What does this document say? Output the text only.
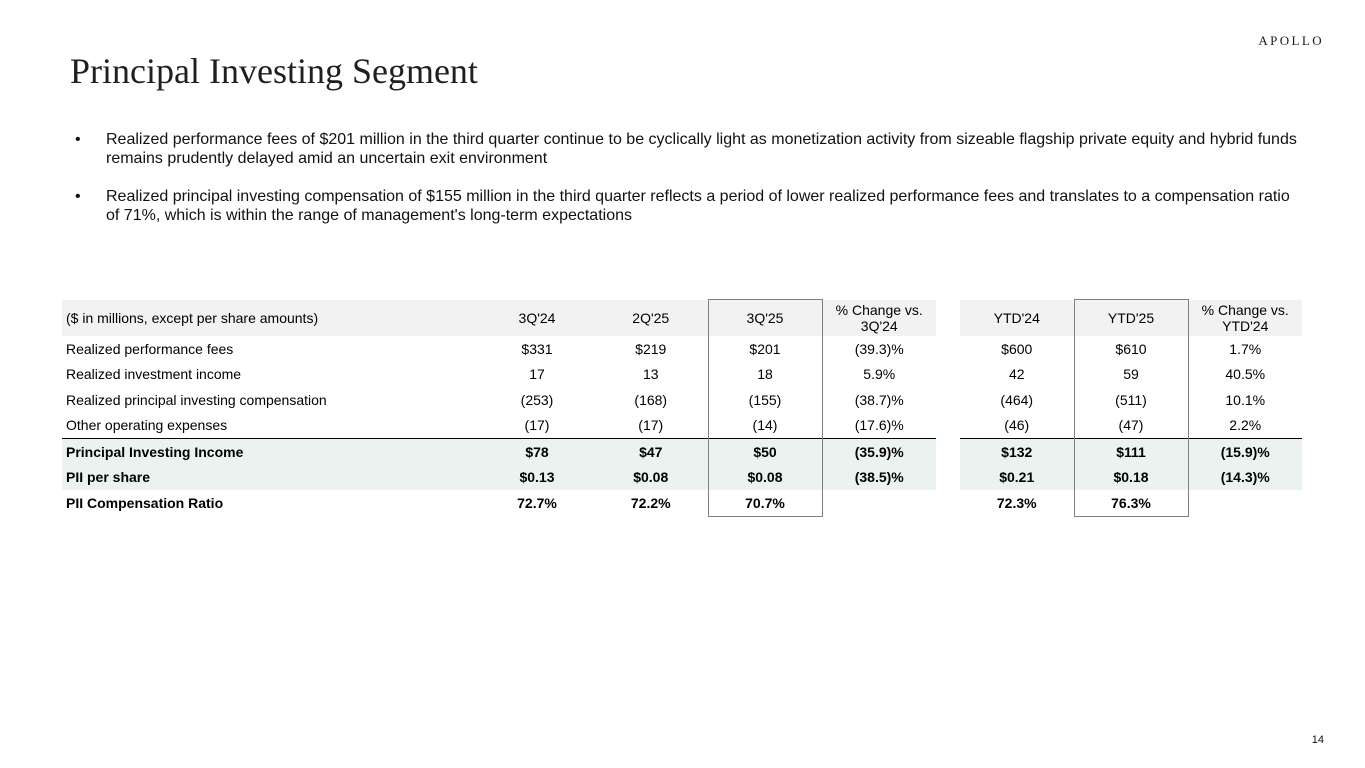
APOLLO
Principal Investing Segment
• Realized performance fees of $201 million in the third quarter continue to be cyclically light as monetization activity from sizeable flagship private equity and hybrid funds remains prudently delayed amid an uncertain exit environment
• Realized principal investing compensation of $155 million in the third quarter reflects a period of lower realized performance fees and translates to a compensation ratio of 71%, which is within the range of management's long-term expectations
($ in millions, except per share amounts)	3Q'24	2Q'25	3Q'25	% Change vs. 3Q'24		YTD'24	YTD'25	% Change vs. YTD'24
Realized performance fees	$331	$219	$201	(39.3)%		$600	$610	1.7%
Realized investment income	17	13	18	5.9%		42	59	40.5%
Realized principal investing compensation	(253)	(168)	(155)	(38.7)%		(464)	(511)	10.1%
Other operating expenses	(17)	(17)	(14)	(17.6)%		(46)	(47)	2.2%
Principal Investing Income	$78	$47	$50	(35.9)%		$132	$111	(15.9)%
PII per share	$0.13	$0.08	$0.08	(38.5)%		$0.21	$0.18	(14.3)%
PII Compensation Ratio	72.7%	72.2%	70.7%			72.3%	76.3%	
14
